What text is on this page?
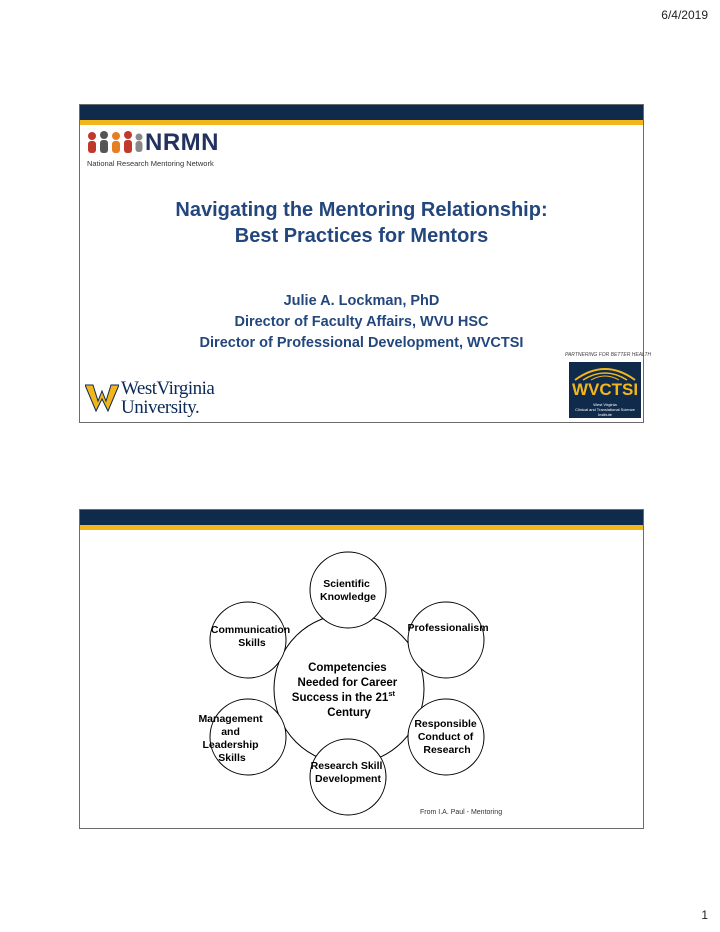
6/4/2019
NRMN
National Research Mentoring Network
Navigating the Mentoring Relationship:
Best Practices for Mentors
Julie A. Lockman, PhD
Director of Faculty Affairs, WVU HSC
Director of Professional Development, WVCTSI
WestVirginia
University.
PARTNERING FOR BETTER HEALTH
WVCTSI
West Virginia
Clinical and Translational Science Institute
Competencies Needed for Career Success in the 21st Century
Scientific Knowledge
Professionalism
Responsible Conduct of Research
Research Skill Development
Management and Leadership Skills
Communication Skills
From I.A. Paul - Mentoring
1
